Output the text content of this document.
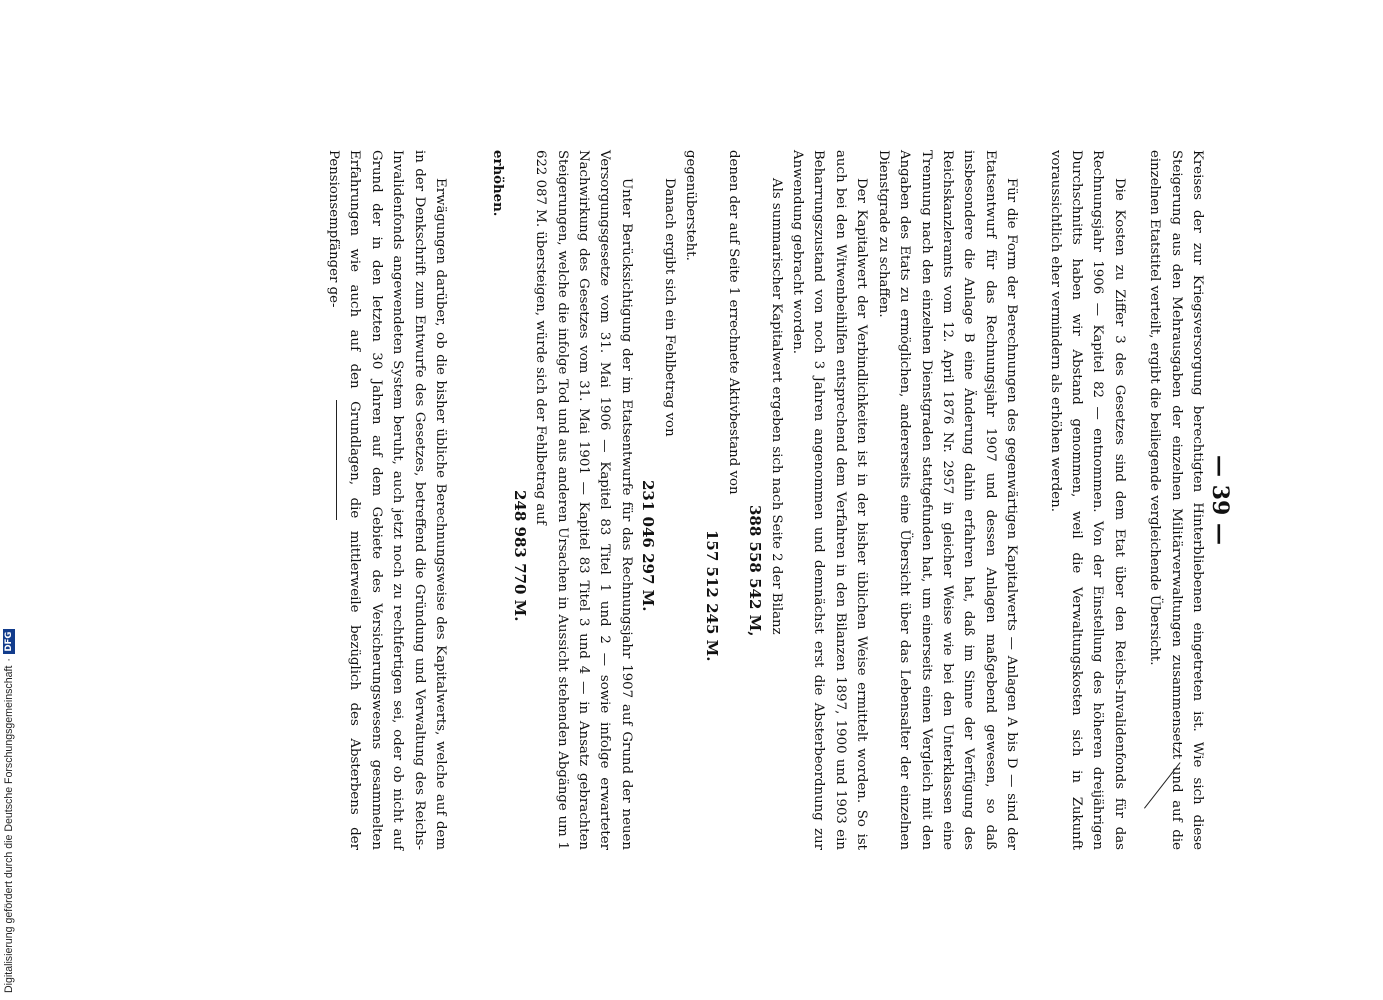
— 39 —

Kreises der zur Kriegsversorgung berechtigten Hinterbliebenen eingetreten ist. Wie sich diese Steigerung aus den Mehrausgaben der einzelnen Militärverwaltungen zusammensetzt und auf die einzelnen Etatstitel verteilt, ergibt die beiliegende vergleichende Übersicht.

Die Kosten zu Ziffer 3 des Gesetzes sind dem Etat über den Reichs-Invalidenfonds für das Rechnungsjahr 1906 — Kapitel 82 — entnommen. Von der Einstellung des höheren dreijährigen Durchschnitts haben wir Abstand genommen, weil die Verwaltungskosten sich in Zukunft voraussichtlich eher vermindern als erhöhen werden.

Für die Form der Berechnungen des gegenwärtigen Kapitalwerts — Anlagen A bis D — sind der Etatsentwurf für das Rechnungsjahr 1907 und dessen Anlagen maßgebend gewesen, so daß insbesondere die Anlage B eine Änderung dahin erfahren hat, daß im Sinne der Verfügung des Reichskanzleramts vom 12. April 1876 Nr. 2957 in gleicher Weise wie bei den Unterklassen eine Trennung nach den einzelnen Dienstgraden stattgefunden hat, um einerseits einen Vergleich mit den Angaben des Etats zu ermöglichen, andererseits eine Übersicht über das Lebensalter der einzelnen Dienstgrade zu schaffen.

Der Kapitalwert der Verbindlichkeiten ist in der bisher üblichen Weise ermittelt worden. So ist auch bei den Witwenbeihilfen entsprechend dem Verfahren in den Bilanzen 1897, 1900 und 1903 ein Beharrungszustand von noch 3 Jahren angenommen und demnächst erst die Absterbeordnung zur Anwendung gebracht worden.

Als summarischer Kapitalwert ergeben sich nach Seite 2 der Bilanz

388 558 542 M,

denen der auf Seite 1 errechnete Aktivbestand von

157 512 245 M.

gegenübersteht.

Danach ergibt sich ein Fehlbetrag von

231 046 297 M.

Unter Berücksichtigung der im Etatsentwurfe für das Rechnungsjahr 1907 auf Grund der neuen Versorgungsgesetze vom 31. Mai 1906 — Kapitel 83 Titel 1 und 2 — sowie infolge erwarteter Nachwirkung des Gesetzes vom 31. Mai 1901 — Kapitel 83 Titel 3 und 4 — in Ansatz gebrachten Steigerungen, welche die infolge Tod und aus anderen Ursachen in Aussicht stehenden Abgänge um 1 622 087 M. übersteigen, würde sich der Fehlbetrag auf

248 983 770 M.

erhöhen.

Erwägungen darüber, ob die bisher übliche Berechnungsweise des Kapitalwerts, welche auf dem in der Denkschrift zum Entwurfe des Gesetzes, betreffend die Gründung und Verwaltung des Reichs-Invalidenfonds angewendeten System beruht, auch jetzt noch zu rechtfertigen sei, oder ob nicht auf Grund der in den letzten 30 Jahren auf dem Gebiete des Versicherungswesens gesammelten Erfahrungen wie auch auf den Grundlagen, die mittlerweile bezüglich des Absterbens der Pensionsempfänger ge-

Digitalisierung gefördert durch die Deutsche Forschungsgemeinschaft
·
DFG
